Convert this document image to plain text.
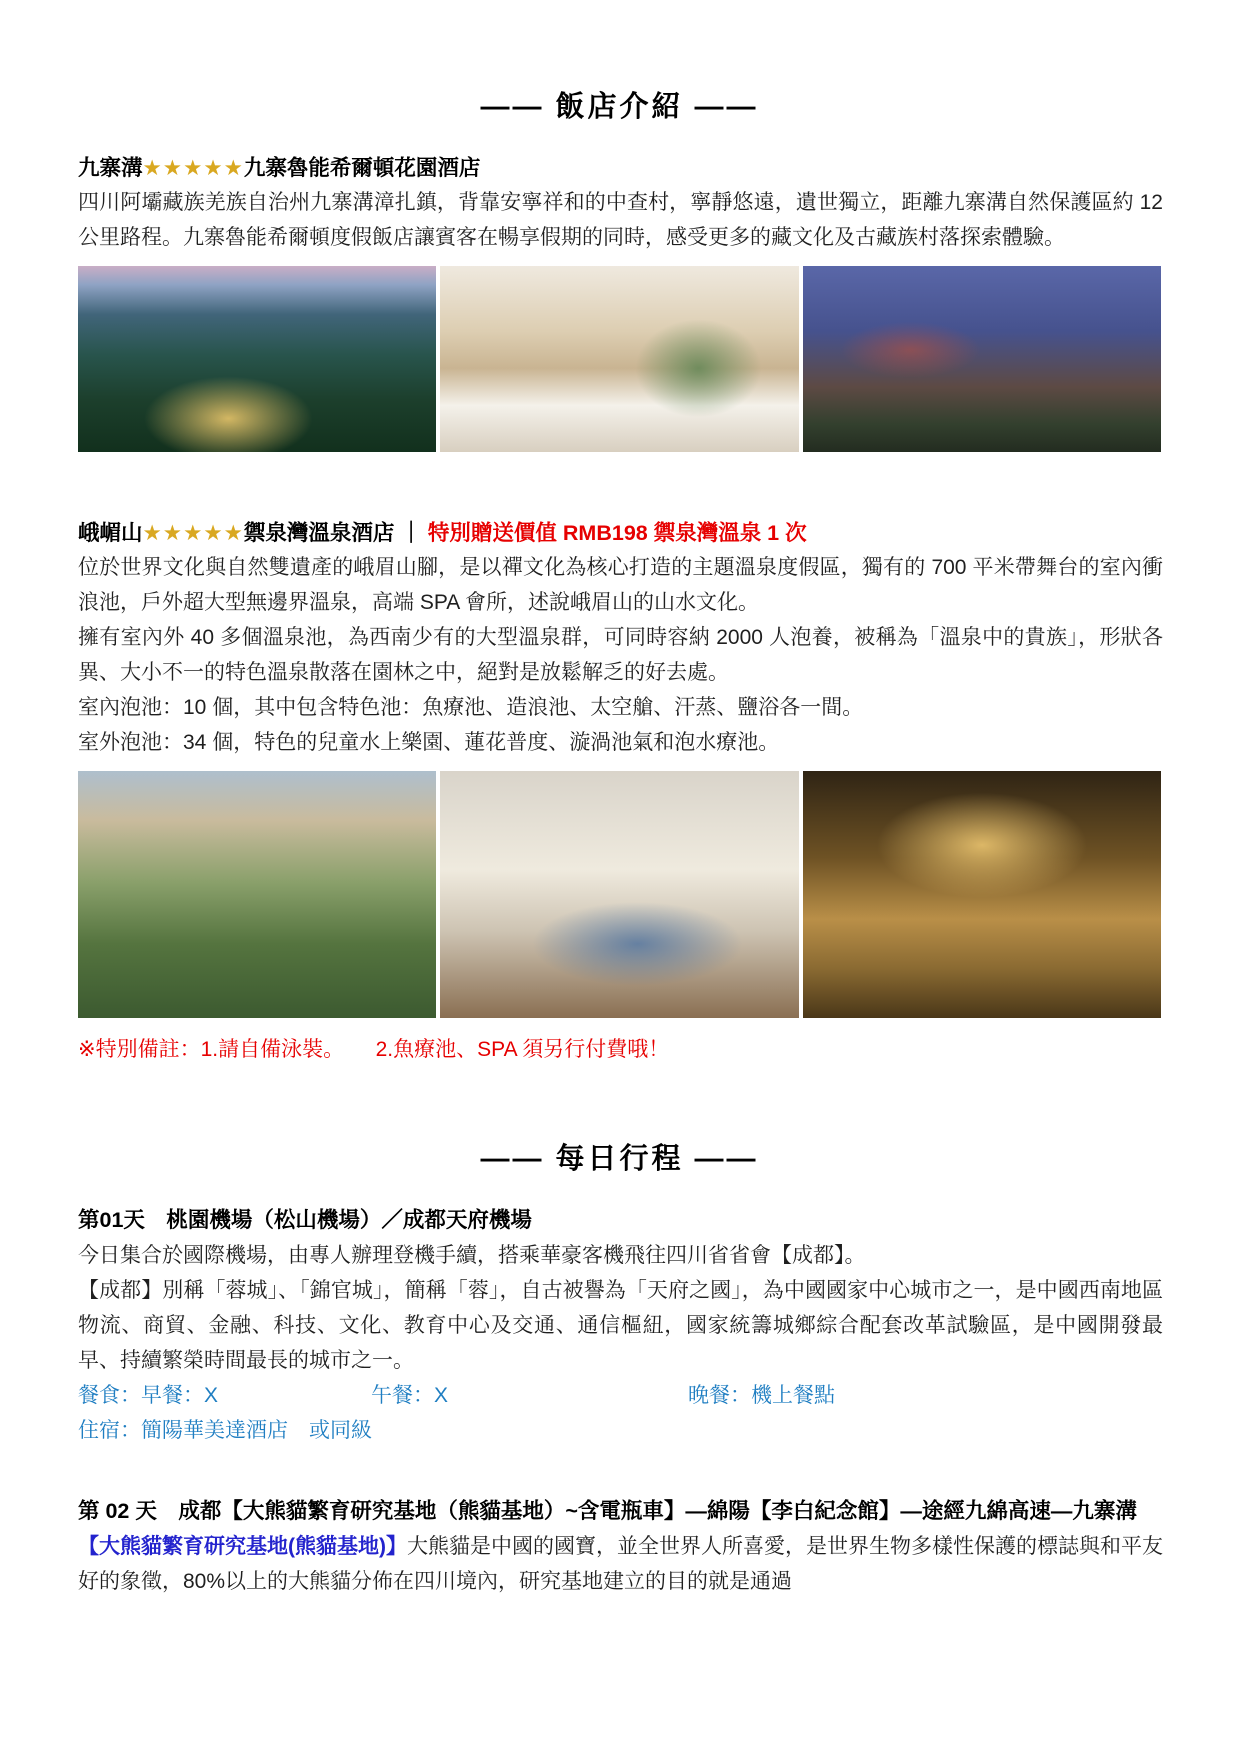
—— 飯店介紹 ——
九寨溝★★★★★九寨魯能希爾頓花園酒店

四川阿壩藏族羌族自治州九寨溝漳扎鎮，背靠安寧祥和的中查村，寧靜悠遠，遺世獨立，距離九寨溝自然保護區約 12 公里路程。九寨魯能希爾頓度假飯店讓賓客在暢享假期的同時，感受更多的藏文化及古藏族村落探索體驗。

峨嵋山★★★★★禦泉灣溫泉酒店 ｜ 特別贈送價值 RMB198 禦泉灣溫泉 1 次

位於世界文化與自然雙遺產的峨眉山腳，是以禪文化為核心打造的主題溫泉度假區，獨有的 700 平米帶舞台的室內衝浪池，戶外超大型無邊界溫泉，高端 SPA 會所，述說峨眉山的山水文化。

擁有室內外 40 多個溫泉池，為西南少有的大型溫泉群，可同時容納 2000 人泡養，被稱為「溫泉中的貴族」，形狀各異、大小不一的特色溫泉散落在園林之中，絕對是放鬆解乏的好去處。

室內泡池：10 個，其中包含特色池：魚療池、造浪池、太空艙、汗蒸、鹽浴各一間。

室外泡池：34 個，特色的兒童水上樂園、蓮花普度、漩渦池氣和泡水療池。

※特別備註：1.請自備泳裝。　　2.魚療池、SPA 須另行付費哦！
—— 每日行程 ——
第01天　桃園機場（松山機場）／成都天府機場

今日集合於國際機場，由專人辦理登機手續，搭乘華豪客機飛往四川省省會【成都】。

【成都】別稱「蓉城」、「錦官城」，簡稱「蓉」，自古被譽為「天府之國」，為中國國家中心城市之一，是中國西南地區物流、商貿、金融、科技、文化、教育中心及交通、通信樞紐，國家統籌城鄉綜合配套改革試驗區，是中國開發最早、持續繁榮時間最長的城市之一。

餐食：早餐：X	午餐：X	晚餐：機上餐點
住宿：簡陽華美達酒店　或同級
第 02 天　成都【大熊貓繁育研究基地（熊貓基地）~含電瓶車】—綿陽【李白紀念館】—途經九綿高速—九寨溝
【大熊貓繁育研究基地(熊貓基地)】大熊貓是中國的國寶，並全世界人所喜愛，是世界生物多樣性保護的標誌與和平友好的象徵，80%以上的大熊貓分佈在四川境內，研究基地建立的目的就是通過
